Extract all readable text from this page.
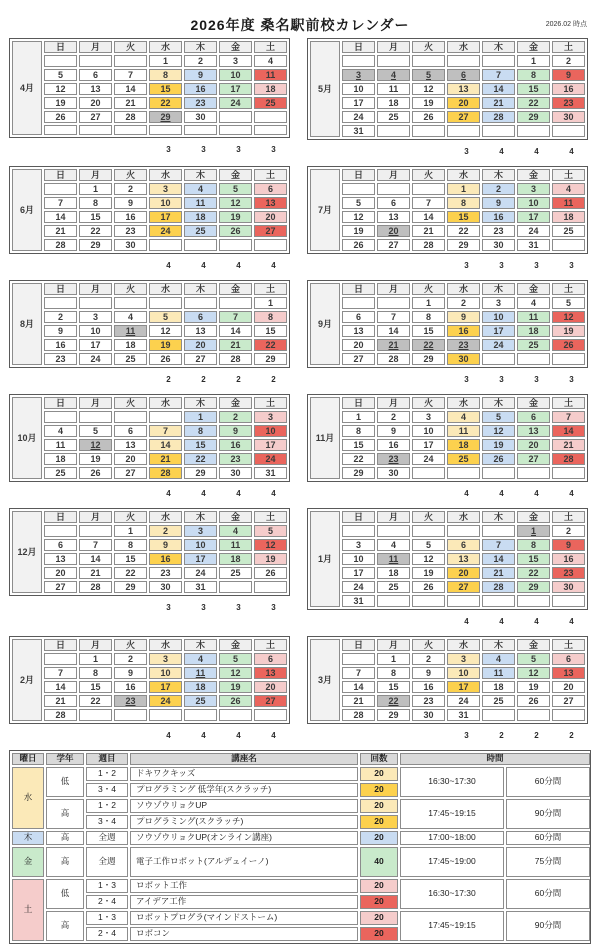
2026年度 桑名駅前校カレンダー	2026.02 時点
4月	日	月	火	水	木	金	土
				1	2	3	4
	5	6	7	8	9	10	11
	12	13	14	15	16	17	18
	19	20	21	22	23	24	25
	26	27	28	29	30		

3	3	3	3
5月	日	月	火	水	木	金	土
						1	2
	3	4	5	6	7	8	9
	10	11	12	13	14	15	16
	17	18	19	20	21	22	23
	24	25	26	27	28	29	30
	31						
3	4	4	4
6月	日	月	火	水	木	金	土
		1	2	3	4	5	6
	7	8	9	10	11	12	13
	14	15	16	17	18	19	20
	21	22	23	24	25	26	27
	28	29	30				
4	4	4	4
7月	日	月	火	水	木	金	土
				1	2	3	4
	5	6	7	8	9	10	11
	12	13	14	15	16	17	18
	19	20	21	22	23	24	25
	26	27	28	29	30	31	
3	3	3	3
8月	日	月	火	水	木	金	土
							1
	2	3	4	5	6	7	8
	9	10	11	12	13	14	15
	16	17	18	19	20	21	22
	23	24	25	26	27	28	29
2	2	2	2
9月	日	月	火	水	木	金	土
			1	2	3	4	5
	6	7	8	9	10	11	12
	13	14	15	16	17	18	19
	20	21	22	23	24	25	26
	27	28	29	30			
3	3	3	3
10月	日	月	火	水	木	金	土
					1	2	3
	4	5	6	7	8	9	10
	11	12	13	14	15	16	17
	18	19	20	21	22	23	24
	25	26	27	28	29	30	31
4	4	4	4
11月	日	月	火	水	木	金	土
	1	2	3	4	5	6	7
	8	9	10	11	12	13	14
	15	16	17	18	19	20	21
	22	23	24	25	26	27	28
	29	30					
4	4	4	4
12月	日	月	火	水	木	金	土
			1	2	3	4	5
	6	7	8	9	10	11	12
	13	14	15	16	17	18	19
	20	21	22	23	24	25	26
	27	28	29	30	31		
3	3	3	3
1月	日	月	火	水	木	金	土
						1	2
	3	4	5	6	7	8	9
	10	11	12	13	14	15	16
	17	18	19	20	21	22	23
	24	25	26	27	28	29	30
	31						
4	4	4	4
2月	日	月	火	水	木	金	土
		1	2	3	4	5	6
	7	8	9	10	11	12	13
	14	15	16	17	18	19	20
	21	22	23	24	25	26	27
	28						
4	4	4	4
3月	日	月	火	水	木	金	土
		1	2	3	4	5	6
	7	8	9	10	11	12	13
	14	15	16	17	18	19	20
	21	22	23	24	25	26	27
	28	29	30	31			
3	2	2	2
曜日	学年	週目	講座名	回数	時間	
水	低	1・2	ドキワクキッズ	20	16:30~17:30	60分間
		3・4	プログラミング 低学年(スクラッチ)	20		
	高	1・2	ソウゾウリョクUP	20	17:45~19:15	90分間
		3・4	プログラミング(スクラッチ)	20		
木	高	全週	ソウゾウリョクUP(オンライン講座)	20	17:00~18:00	60分間
金	高	全週	電子工作ロボット(アルデュイーノ)	40	17:45~19:00	75分間
土	低	1・3	ロボット工作	20	16:30~17:30	60分間
		2・4	アイデア工作	20		
	高	1・3	ロボットプログラ(マインドストーム)	20	17:45~19:15	90分間
		2・4	ロボコン	20		
